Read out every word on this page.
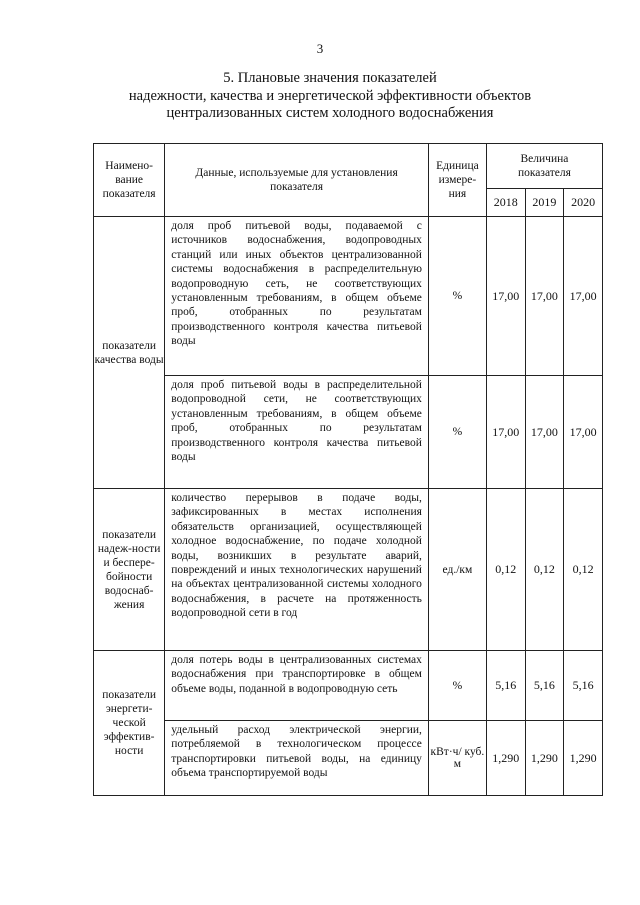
3
5. Плановые значения показателей
надежности, качества и энергетической эффективности объектов
централизованных систем холодного водоснабжения
Наимено-вание показателя	Данные, используемые для установления показателя	Единица измере-ния	Величина показателя		
			2018	2019	2020
показатели качества воды	доля проб питьевой воды, подаваемой с источников водоснабжения, водопроводных станций или иных объектов централизованной системы водоснабжения в распределительную водопроводную сеть, не соответствующих установленным требованиям, в общем объеме проб, отобранных по результатам производственного контроля качества питьевой воды	%	17,00	17,00	17,00
	доля проб питьевой воды в распределительной водопроводной сети, не соответствующих установленным требованиям, в общем объеме проб, отобранных по результатам производственного контроля качества питьевой воды	%	17,00	17,00	17,00
показатели надеж-ности и беспере-бойности водоснаб-жения	количество перерывов в подаче воды, зафиксированных в местах исполнения обязательств организацией, осуществляющей холодное водоснабжение, по подаче холодной воды, возникших в результате аварий, повреждений и иных технологических нарушений на объектах централизованной системы холодного водоснабжения, в расчете на протяженность водопроводной сети в год	ед./км	0,12	0,12	0,12
показатели энергети-ческой эффектив-ности	доля потерь воды в централизованных системах водоснабжения при транспортировке в общем объеме воды, поданной в водопроводную сеть	%	5,16	5,16	5,16
	удельный расход электрической энергии, потребляемой в технологическом процессе транспортировки питьевой воды, на единицу объема транспортируемой воды	кВт·ч/ куб. м	1,290	1,290	1,290
